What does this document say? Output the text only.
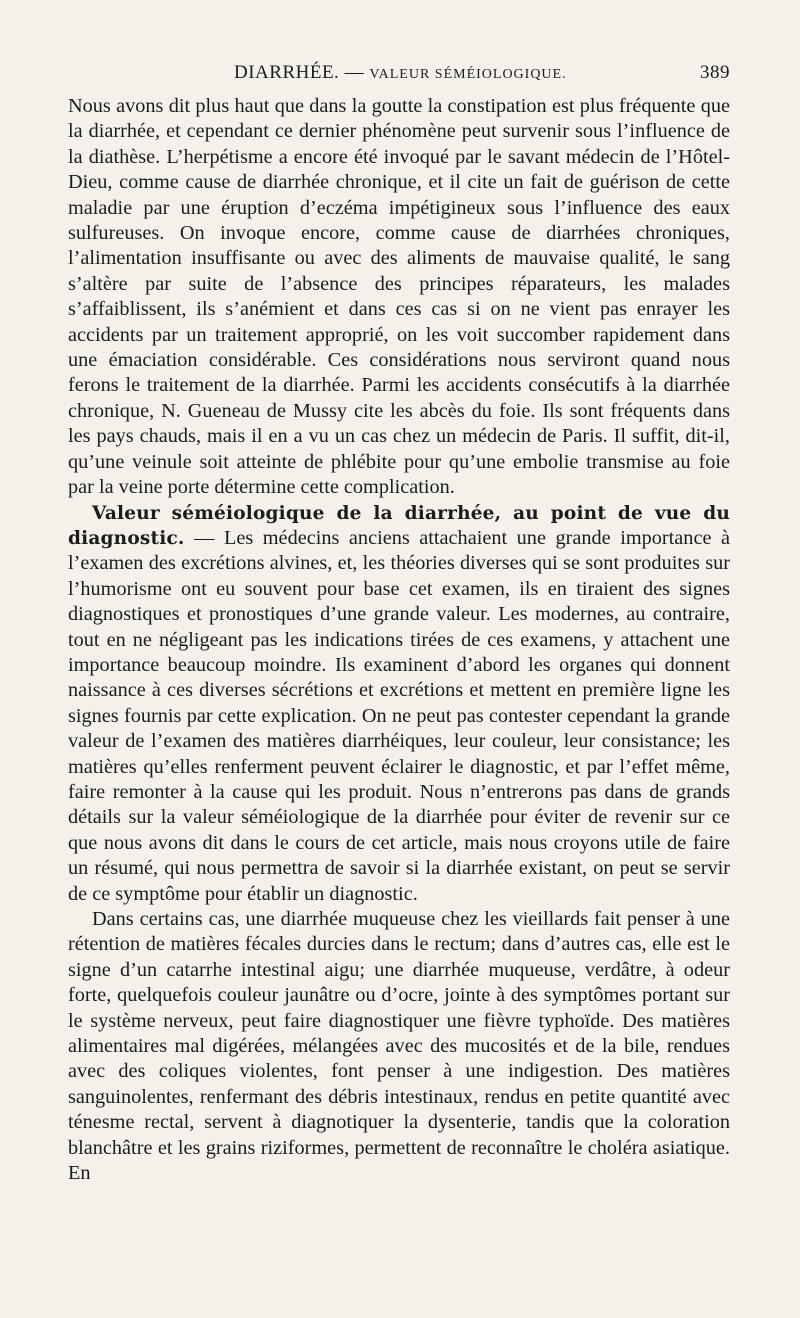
DIARRHÉE. — VALEUR SÉMÉIOLOGIQUE.	389

Nous avons dit plus haut que dans la goutte la constipation est plus fréquente que la diarrhée, et cependant ce dernier phénomène peut survenir sous l’influence de la diathèse. L’herpétisme a encore été invoqué par le savant médecin de l’Hôtel-Dieu, comme cause de diarrhée chronique, et il cite un fait de guérison de cette maladie par une éruption d’eczéma impétigineux sous l’influence des eaux sulfureuses. On invoque encore, comme cause de diarrhées chroniques, l’alimentation insuffisante ou avec des aliments de mauvaise qualité, le sang s’altère par suite de l’absence des principes réparateurs, les malades s’affaiblissent, ils s’anémient et dans ces cas si on ne vient pas enrayer les accidents par un traitement approprié, on les voit succomber rapidement dans une émaciation considérable. Ces considérations nous serviront quand nous ferons le traitement de la diarrhée. Parmi les accidents consécutifs à la diarrhée chronique, N. Gueneau de Mussy cite les abcès du foie. Ils sont fréquents dans les pays chauds, mais il en a vu un cas chez un médecin de Paris. Il suffit, dit-il, qu’une veinule soit atteinte de phlébite pour qu’une embolie transmise au foie par la veine porte détermine cette complication.

Valeur séméiologique de la diarrhée, au point de vue du diagnostic. — Les médecins anciens attachaient une grande importance à l’examen des excrétions alvines, et, les théories diverses qui se sont produites sur l’humorisme ont eu souvent pour base cet examen, ils en tiraient des signes diagnostiques et pronostiques d’une grande valeur. Les modernes, au contraire, tout en ne négligeant pas les indications tirées de ces examens, y attachent une importance beaucoup moindre. Ils examinent d’abord les organes qui donnent naissance à ces diverses sécrétions et excrétions et mettent en première ligne les signes fournis par cette explication. On ne peut pas contester cependant la grande valeur de l’examen des matières diarrhéiques, leur couleur, leur consistance; les matières qu’elles renferment peuvent éclairer le diagnostic, et par l’effet même, faire remonter à la cause qui les produit. Nous n’entrerons pas dans de grands détails sur la valeur séméiologique de la diarrhée pour éviter de revenir sur ce que nous avons dit dans le cours de cet article, mais nous croyons utile de faire un résumé, qui nous permettra de savoir si la diarrhée existant, on peut se servir de ce symptôme pour établir un diagnostic.

Dans certains cas, une diarrhée muqueuse chez les vieillards fait penser à une rétention de matières fécales durcies dans le rectum; dans d’autres cas, elle est le signe d’un catarrhe intestinal aigu; une diarrhée muqueuse, verdâtre, à odeur forte, quelquefois couleur jaunâtre ou d’ocre, jointe à des symptômes portant sur le système nerveux, peut faire diagnostiquer une fièvre typhoïde. Des matières alimentaires mal digérées, mélangées avec des mucosités et de la bile, rendues avec des coliques violentes, font penser à une indigestion. Des matières sanguinolentes, renfermant des débris intestinaux, rendus en petite quantité avec ténesme rectal, servent à diagnotiquer la dysenterie, tandis que la coloration blanchâtre et les grains riziformes, permettent de reconnaître le choléra asiatique. En
